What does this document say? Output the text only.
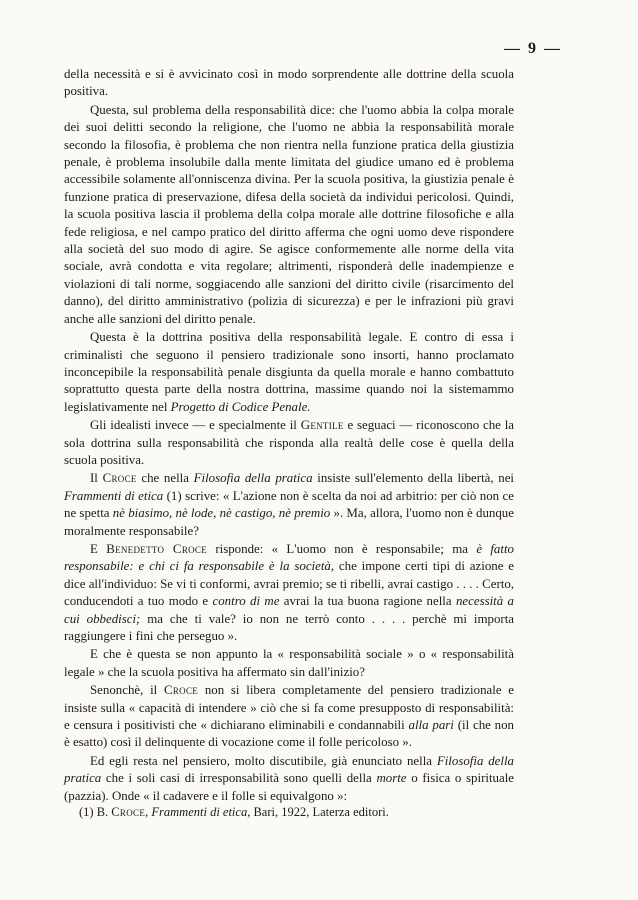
— 9 —

della necessità e si è avvicinato così in modo sorprendente alle dottrine della scuola positiva.

Questa, sul problema della responsabilità dice: che l'uomo abbia la colpa morale dei suoi delitti secondo la religione, che l'uomo ne abbia la responsabilità morale secondo la filosofia, è problema che non rientra nella funzione pratica della giustizia penale, è problema insolubile dalla mente limitata del giudice umano ed è problema accessibile solamente all'onniscenza divina. Per la scuola positiva, la giustizia penale è funzione pratica di preservazione, difesa della società da individui pericolosi. Quindi, la scuola positiva lascia il problema della colpa morale alle dottrine filosofiche e alla fede religiosa, e nel campo pratico del diritto afferma che ogni uomo deve rispondere alla società del suo modo di agire. Se agisce conformemente alle norme della vita sociale, avrà condotta e vita regolare; altrimenti, risponderà delle inadempienze e violazioni di tali norme, soggiacendo alle sanzioni del diritto civile (risarcimento del danno), del diritto amministrativo (polizia di sicurezza) e per le infrazioni più gravi anche alle sanzioni del diritto penale.

Questa è la dottrina positiva della responsabilità legale. E contro di essa i criminalisti che seguono il pensiero tradizionale sono insorti, hanno proclamato inconcepibile la responsabilità penale disgiunta da quella morale e hanno combattuto soprattutto questa parte della nostra dottrina, massime quando noi la sistemammo legislativamente nel Progetto di Codice Penale.

Gli idealisti invece — e specialmente il Gentile e seguaci — riconoscono che la sola dottrina sulla responsabilità che risponda alla realtà delle cose è quella della scuola positiva.

Il Croce che nella Filosofia della pratica insiste sull'elemento della libertà, nei Frammenti di etica (1) scrive: « L'azione non è scelta da noi ad arbitrio: per ciò non ce ne spetta nè biasimo, nè lode, nè castigo, nè premio ». Ma, allora, l'uomo non è dunque moralmente responsabile?

E Benedetto Croce risponde: « L'uomo non è responsabile; ma è fatto responsabile: e chi ci fa responsabile è la società, che impone certi tipi di azione e dice all'individuo: Se vi ti conformi, avrai premio; se ti ribelli, avrai castigo . . . . Certo, conducendoti a tuo modo e contro di me avrai la tua buona ragione nella necessità a cui obbedisci; ma che ti vale? io non ne terrò conto . . . . perchè mi importa raggiungere i fini che perseguo ».

E che è questa se non appunto la « responsabilità sociale » o « responsabilità legale » che la scuola positiva ha affermato sin dall'inizio?

Senonchè, il Croce non si libera completamente del pensiero tradizionale e insiste sulla « capacità di intendere » ciò che si fa come presupposto di responsabilità: e censura i positivisti che « dichiarano eliminabili e condannabili alla pari (il che non è esatto) così il delinquente di vocazione come il folle pericoloso ».

Ed egli resta nel pensiero, molto discutibile, già enunciato nella Filosofia della pratica che i soli casi di irresponsabilità sono quelli della morte o fisica o spirituale (pazzia). Onde « il cadavere e il folle si equivalgono »:

(1) B. Croce, Frammenti di etica, Bari, 1922, Laterza editori.
